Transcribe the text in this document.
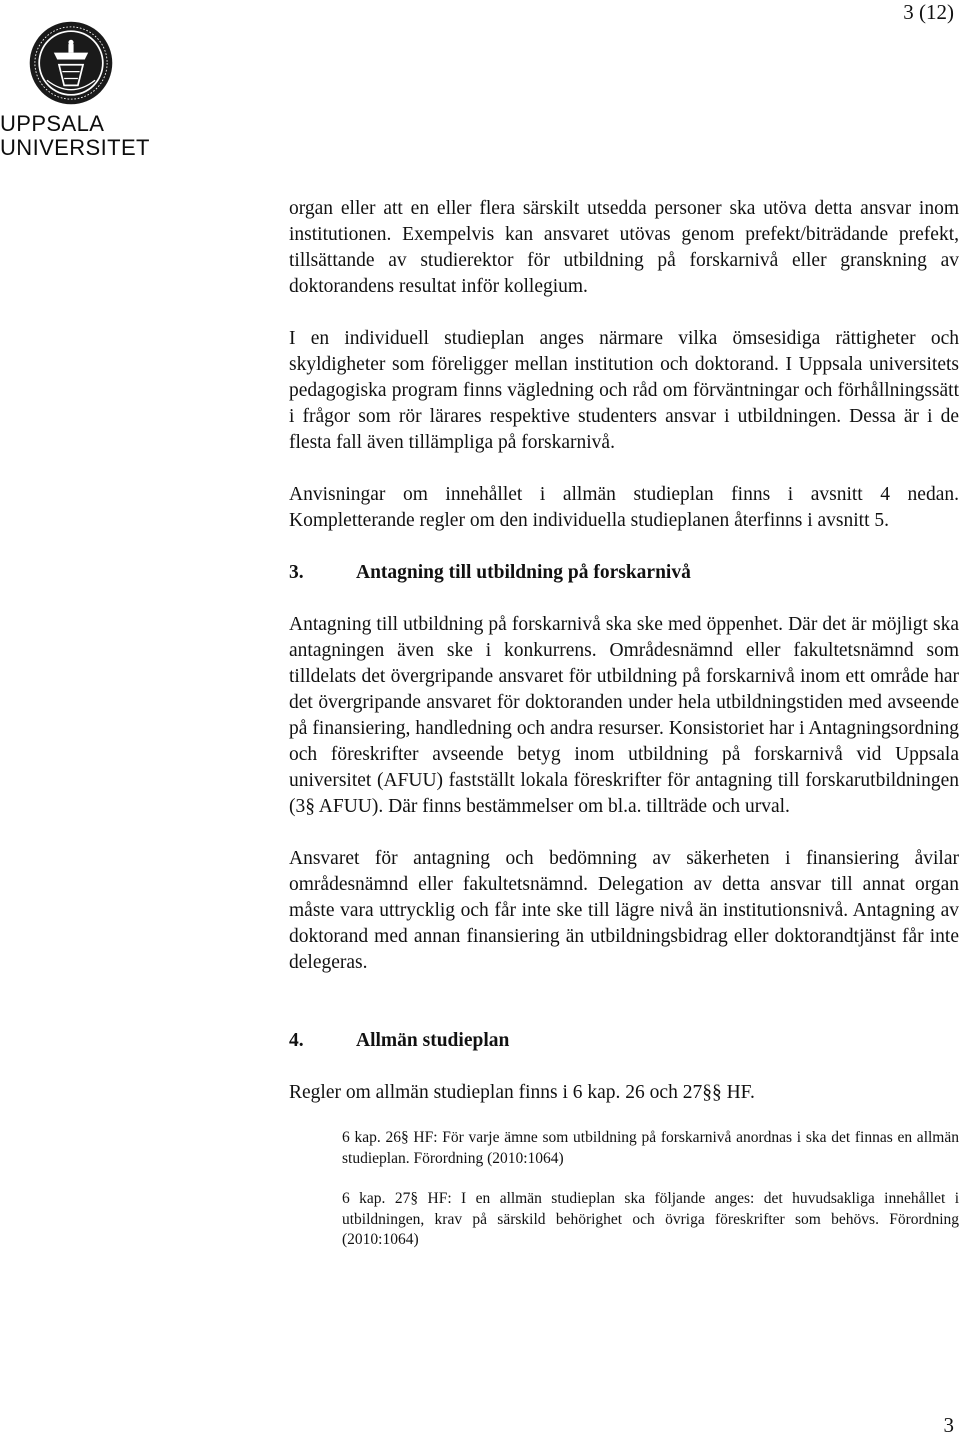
3 (12)
UPPSALA
UNIVERSITET

organ eller att en eller flera särskilt utsedda personer ska utöva detta ansvar inom institutionen. Exempelvis kan ansvaret utövas genom prefekt/biträdande prefekt, tillsättande av studierektor för utbildning på forskarnivå eller granskning av doktorandens resultat inför kollegium.

I en individuell studieplan anges närmare vilka ömsesidiga rättigheter och skyldigheter som föreligger mellan institution och doktorand. I Uppsala universitets pedagogiska program finns vägledning och råd om förväntningar och förhållningssätt i frågor som rör lärares respektive studenters ansvar i utbildningen. Dessa är i de flesta fall även tillämpliga på forskarnivå.

Anvisningar om innehållet i allmän studieplan finns i avsnitt 4 nedan. Kompletterande regler om den individuella studieplanen återfinns i avsnitt 5.

3.	Antagning till utbildning på forskarnivå

Antagning till utbildning på forskarnivå ska ske med öppenhet. Där det är möjligt ska antagningen även ske i konkurrens. Områdesnämnd eller fakultetsnämnd som tilldelats det övergripande ansvaret för utbildning på forskarnivå inom ett område har det övergripande ansvaret för doktoranden under hela utbildningstiden med avseende på finansiering, handledning och andra resurser. Konsistoriet har i Antagningsordning och föreskrifter avseende betyg inom utbildning på forskarnivå vid Uppsala universitet (AFUU) fastställt lokala föreskrifter för antagning till forskarutbildningen (3§ AFUU). Där finns bestämmelser om bl.a. tillträde och urval.

Ansvaret för antagning och bedömning av säkerheten i finansiering åvilar områdesnämnd eller fakultetsnämnd. Delegation av detta ansvar till annat organ måste vara uttrycklig och får inte ske till lägre nivå än institutionsnivå. Antagning av doktorand med annan finansiering än utbildningsbidrag eller doktorandtjänst får inte delegeras.

4.	Allmän studieplan

Regler om allmän studieplan finns i 6 kap. 26 och 27§§ HF.

6 kap. 26§ HF: För varje ämne som utbildning på forskarnivå anordnas i ska det finnas en allmän studieplan. Förordning (2010:1064)

6 kap. 27§ HF: I en allmän studieplan ska följande anges: det huvudsakliga innehållet i utbildningen, krav på särskild behörighet och övriga föreskrifter som behövs. Förordning (2010:1064)

3
